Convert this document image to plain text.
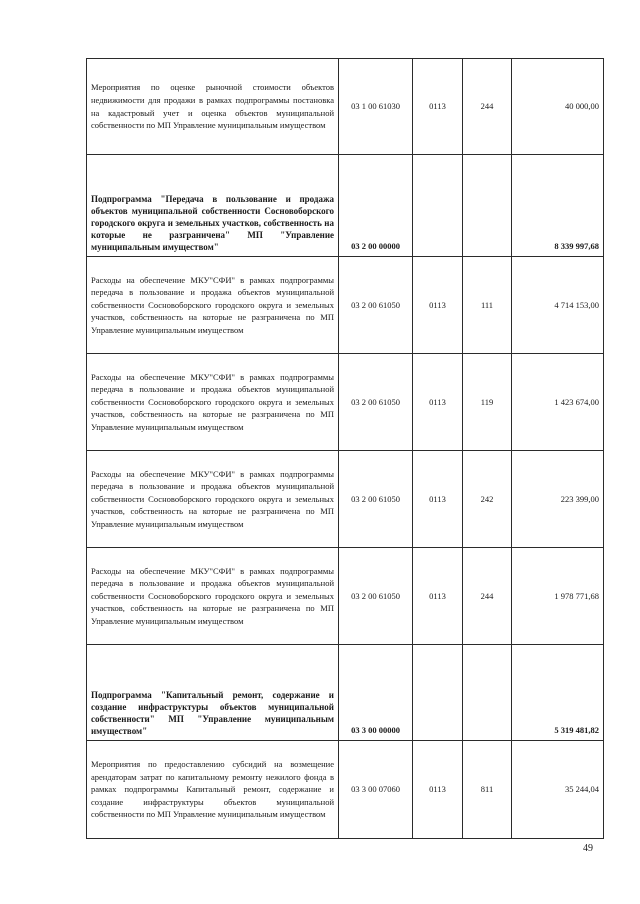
Мероприятия по оценке рыночной стоимости объектов недвижимости для продажи в рамках подпрограммы постановка на кадастровый учет и оценка объектов муниципальной собственности по МП Управление муниципальным имуществом	03 1 00 61030	0113	244	40 000,00
Подпрограмма "Передача в пользование и продажа объектов муниципальной собственности Сосновоборского городского округа и земельных участков, собственность на которые не разграничена" МП "Управление муниципальным имуществом"	03 2 00 00000			8 339 997,68
Расходы на обеспечение МКУ"СФИ" в рамках подпрограммы передача в пользование и продажа объектов муниципальной собственности Сосновоборского городского округа и земельных участков, собственность на которые не разграничена по МП Управление муниципальным имуществом	03 2 00 61050	0113	111	4 714 153,00
Расходы на обеспечение МКУ"СФИ" в рамках подпрограммы передача в пользование и продажа объектов муниципальной собственности Сосновоборского городского округа и земельных участков, собственность на которые не разграничена по МП Управление муниципальным имуществом	03 2 00 61050	0113	119	1 423 674,00
Расходы на обеспечение МКУ"СФИ" в рамках подпрограммы передача в пользование и продажа объектов муниципальной собственности Сосновоборского городского округа и земельных участков, собственность на которые не разграничена по МП Управление муниципальным имуществом	03 2 00 61050	0113	242	223 399,00
Расходы на обеспечение МКУ"СФИ" в рамках подпрограммы передача в пользование и продажа объектов муниципальной собственности Сосновоборского городского округа и земельных участков, собственность на которые не разграничена по МП Управление муниципальным имуществом	03 2 00 61050	0113	244	1 978 771,68
Подпрограмма "Капитальный ремонт, содержание и создание инфраструктуры объектов муниципальной собственности" МП "Управление муниципальным имуществом"	03 3 00 00000			5 319 481,82
Мероприятия по предоставлению субсидий на возмещение арендаторам затрат по капитальному ремонту нежилого фонда в рамках подпрограммы Капитальный ремонт, содержание и создание инфраструктуры объектов муниципальной собственности по МП Управление муниципальным имуществом	03 3 00 07060	0113	811	35 244,04
49
